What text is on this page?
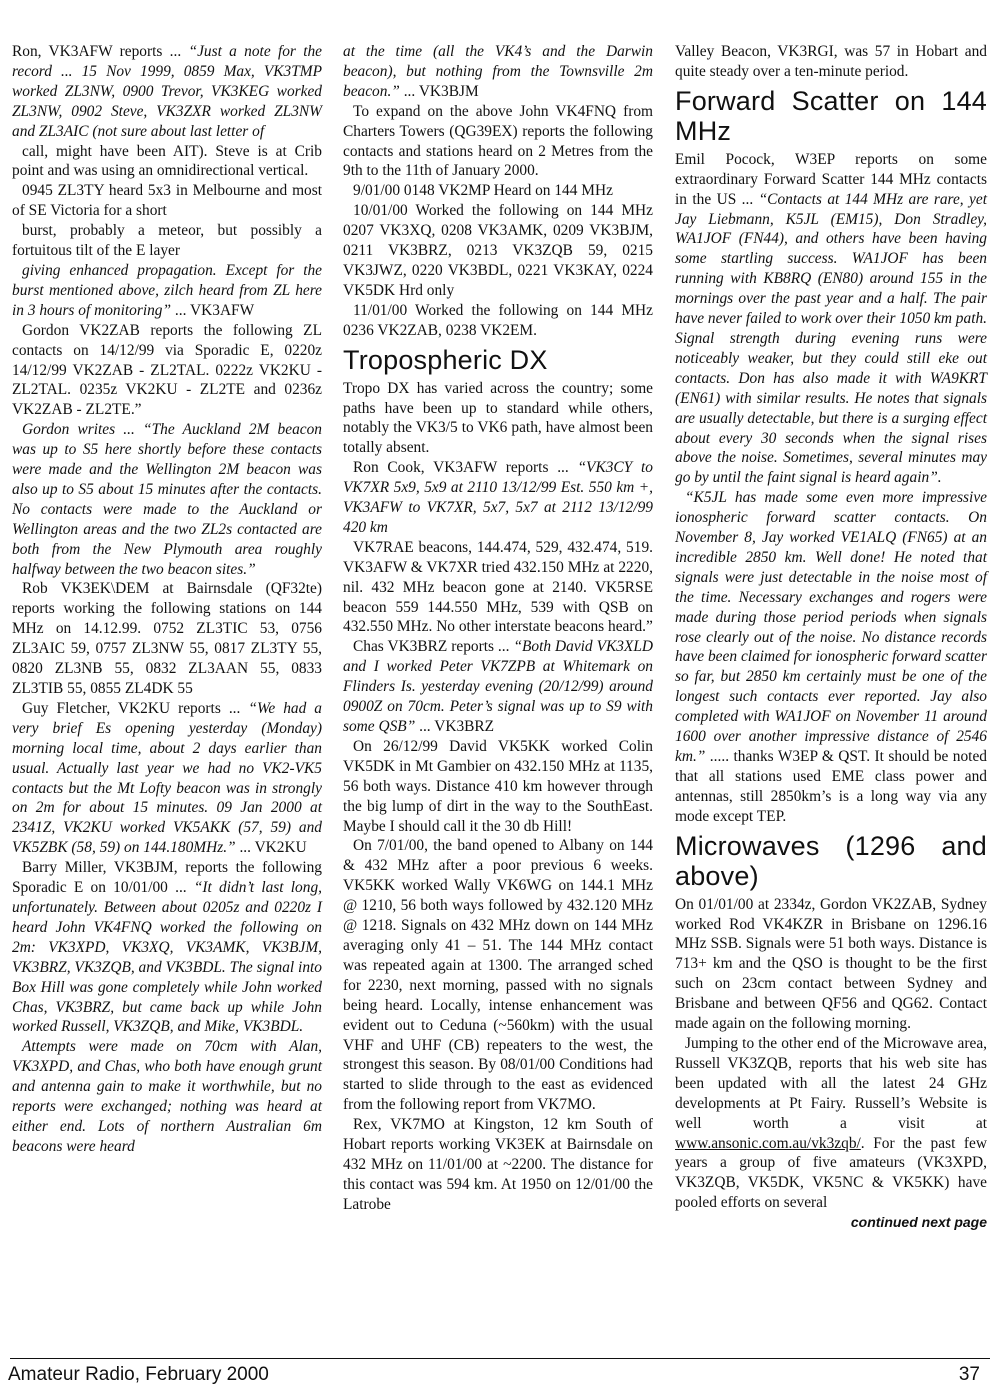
Ron, VK3AFW reports ... “Just a note for the record ... 15 Nov 1999, 0859 Max, VK3TMP worked ZL3NW, 0900 Trevor, VK3KEG worked ZL3NW, 0902 Steve, VK3ZXR worked ZL3NW and ZL3AIC (not sure about last letter of

call, might have been AIT). Steve is at Crib point and was using an omnidirectional vertical.

0945 ZL3TY heard 5x3 in Melbourne and most of SE Victoria for a short

burst, probably a meteor, but possibly a fortuitous tilt of the E layer

giving enhanced propagation. Except for the burst mentioned above, zilch heard from ZL here in 3 hours of monitoring” ... VK3AFW

Gordon VK2ZAB reports the following ZL contacts on 14/12/99 via Sporadic E, 0220z 14/12/99 VK2ZAB - ZL2TAL. 0222z VK2KU - ZL2TAL. 0235z VK2KU - ZL2TE and 0236z VK2ZAB - ZL2TE.”

Gordon writes ... “The Auckland 2M beacon was up to S5 here shortly before these contacts were made and the Wellington 2M beacon was also up to S5 about 15 minutes after the contacts. No contacts were made to the Auckland or Wellington areas and the two ZL2s contacted are both from the New Plymouth area roughly halfway between the two beacon sites.”

Rob VK3EK\DEM at Bairnsdale (QF32te) reports working the following stations on 144 MHz on 14.12.99. 0752 ZL3TIC 53, 0756 ZL3AIC 59, 0757 ZL3NW 55, 0817 ZL3TY 55, 0820 ZL3NB 55, 0832 ZL3AAN 55, 0833 ZL3TIB 55, 0855 ZL4DK 55

Guy Fletcher, VK2KU reports ... “We had a very brief Es opening yesterday (Monday) morning local time, about 2 days earlier than usual. Actually last year we had no VK2-VK5 contacts but the Mt Lofty beacon was in strongly on 2m for about 15 minutes. 09 Jan 2000 at 2341Z, VK2KU worked VK5AKK (57, 59) and VK5ZBK (58, 59) on 144.180MHz.” ... VK2KU

Barry Miller, VK3BJM, reports the following Sporadic E on 10/01/00 ... “It didn’t last long, unfortunately. Between about 0205z and 0220z I heard John VK4FNQ worked the following on 2m: VK3XPD, VK3XQ, VK3AMK, VK3BJM, VK3BRZ, VK3ZQB, and VK3BDL. The signal into Box Hill was gone completely while John worked Chas, VK3BRZ, but came back up while John worked Russell, VK3ZQB, and Mike, VK3BDL.

Attempts were made on 70cm with Alan, VK3XPD, and Chas, who both have enough grunt and antenna gain to make it worthwhile, but no reports were exchanged; nothing was heard at either end. Lots of northern Australian 6m beacons were heard

at the time (all the VK4’s and the Darwin beacon), but nothing from the Townsville 2m beacon.” ... VK3BJM

To expand on the above John VK4FNQ from Charters Towers (QG39EX) reports the following contacts and stations heard on 2 Metres from the 9th to the 11th of January 2000.

9/01/00 0148 VK2MP Heard on 144 MHz

10/01/00 Worked the following on 144 MHz 0207 VK3XQ, 0208 VK3AMK, 0209 VK3BJM, 0211 VK3BRZ, 0213 VK3ZQB 59, 0215 VK3JWZ, 0220 VK3BDL, 0221 VK3KAY, 0224 VK5DK Hrd only

11/01/00 Worked the following on 144 MHz 0236 VK2ZAB, 0238 VK2EM.

Tropospheric DX

Tropo DX has varied across the country; some paths have been up to standard while others, notably the VK3/5 to VK6 path, have almost been totally absent.

Ron Cook, VK3AFW reports ... “VK3CY to VK7XR 5x9, 5x9 at 2110 13/12/99 Est. 550 km +, VK3AFW to VK7XR, 5x7, 5x7 at 2112 13/12/99 420 km

VK7RAE beacons, 144.474, 529, 432.474, 519. VK3AFW & VK7XR tried 432.150 MHz at 2220, nil. 432 MHz beacon gone at 2140. VK5RSE beacon 559 144.550 MHz, 539 with QSB on 432.550 MHz. No other interstate beacons heard.”

Chas VK3BRZ reports ... “Both David VK3XLD and I worked Peter VK7ZPB at Whitemark on Flinders Is. yesterday evening (20/12/99) around 0900Z on 70cm. Peter’s signal was up to S9 with some QSB” ... VK3BRZ

On 26/12/99 David VK5KK worked Colin VK5DK in Mt Gambier on 432.150 MHz at 1135, 56 both ways. Distance 410 km however through the big lump of dirt in the way to the SouthEast. Maybe I should call it the 30 db Hill!

On 7/01/00, the band opened to Albany on 144 & 432 MHz after a poor previous 6 weeks. VK5KK worked Wally VK6WG on 144.1 MHz @ 1210, 56 both ways followed by 432.120 MHz @ 1218. Signals on 432 MHz down on 144 MHz averaging only 41 – 51. The 144 MHz contact was repeated again at 1300. The arranged sched for 2230, next morning, passed with no signals being heard. Locally, intense enhancement was evident out to Ceduna (~560km) with the usual VHF and UHF (CB) repeaters to the west, the strongest this season. By 08/01/00 Conditions had started to slide through to the east as evidenced from the following report from VK7MO.

Rex, VK7MO at Kingston, 12 km South of Hobart reports working VK3EK at Bairnsdale on 432 MHz on 11/01/00 at ~2200. The distance for this contact was 594 km. At 1950 on 12/01/00 the Latrobe

Valley Beacon, VK3RGI, was 57 in Hobart and quite steady over a ten-minute period.

Forward Scatter on 144 MHz

Emil Pocock, W3EP reports on some extraordinary Forward Scatter 144 MHz contacts in the US ... “Contacts at 144 MHz are rare, yet Jay Liebmann, K5JL (EM15), Don Stradley, WA1JOF (FN44), and others have been having some startling success. WA1JOF has been running with KB8RQ (EN80) around 155 in the mornings over the past year and a half. The pair have never failed to work over their 1050 km path. Signal strength during evening runs were noticeably weaker, but they could still eke out contacts. Don has also made it with WA9KRT (EN61) with similar results. He notes that signals are usually detectable, but there is a surging effect about every 30 seconds when the signal rises above the noise. Sometimes, several minutes may go by until the faint signal is heard again”.

“K5JL has made some even more impressive ionospheric forward scatter contacts. On November 8, Jay worked VE1ALQ (FN65) at an incredible 2850 km. Well done! He noted that signals were just detectable in the noise most of the time. Necessary exchanges and rogers were made during those period periods when signals rose clearly out of the noise. No distance records have been claimed for ionospheric forward scatter so far, but 2850 km certainly must be one of the longest such contacts ever reported. Jay also completed with WA1JOF on November 11 around 1600 over another impressive distance of 2546 km.” ..... thanks W3EP & QST. It should be noted that all stations used EME class power and antennas, still 2850km’s is a long way via any mode except TEP.

Microwaves (1296 and above)

On 01/01/00 at 2334z, Gordon VK2ZAB, Sydney worked Rod VK4KZR in Brisbane on 1296.16 MHz SSB. Signals were 51 both ways. Distance is 713+ km and the QSO is thought to be the first such on 23cm contact between Sydney and Brisbane and between QF56 and QG62. Contact made again on the following morning.

Jumping to the other end of the Microwave area, Russell VK3ZQB, reports that his web site has been updated with all the latest 24 GHz developments at Pt Fairy. Russell’s Website is well worth a visit at www.ansonic.com.au/vk3zqb/. For the past few years a group of five amateurs (VK3XPD, VK3ZQB, VK5DK, VK5NC & VK5KK) have pooled efforts on several

continued next page

Amateur Radio, February 2000	37
